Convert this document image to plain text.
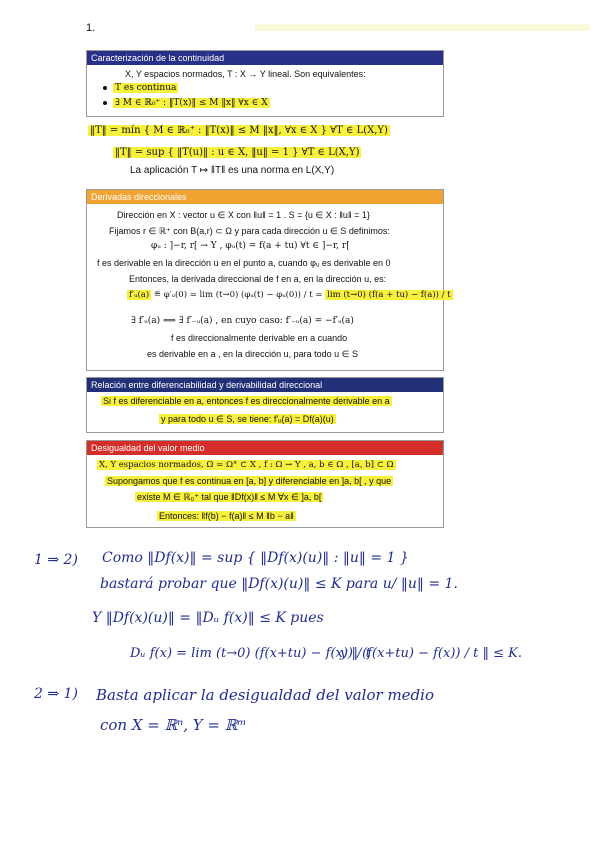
1.
Caracterización de la continuidad
X, Y espacios normados, T : X → Y lineal. Son equivalentes:
T es continua
∃ M ∈ ℝ₀⁺ : ‖T(x)‖ ≤ M ‖x‖ ∀x ∈ X
‖T‖ = mín { M ∈ ℝ₀⁺ : ‖T(x)‖ ≤ M ‖x‖, ∀x ∈ X } ∀T ∈ L(X,Y)
‖T‖ = sup { ‖T(u)‖ : u ∈ X, ‖u‖ = 1 } ∀T ∈ L(X,Y)
La aplicación T ↦ ‖T‖ es una norma en L(X,Y)
Derivadas direccionales
Dirección en X : vector u ∈ X con ‖u‖ = 1 . S = {u ∈ X : ‖u‖ = 1}
Fijamos r ∈ ℝ⁺ con B(a,r) ⊂ Ω y para cada dirección u ∈ S definimos:
φᵤ : ]−r, r[ → Y , φᵤ(t) = f(a + tu) ∀t ∈ ]−r, r[
f es derivable en la dirección u en el punto a, cuando φᵤ es derivable en 0
Entonces, la derivada direccional de f en a, en la dirección u, es:
f′ᵤ(a) ≝ φ′ᵤ(0) = lim (t→0) (φᵤ(t) − φᵤ(0)) / t = lim (t→0) (f(a + tu) − f(a)) / t
∃ f′ᵤ(a) ⟺ ∃ f′₋ᵤ(a) , en cuyo caso: f′₋ᵤ(a) = −f′ᵤ(a)
f es direccionalmente derivable en a cuando
es derivable en a , en la dirección u, para todo u ∈ S
Relación entre diferenciabilidad y derivabilidad direccional
Si f es diferenciable en a, entonces f es direccionalmente derivable en a
y para todo u ∈ S, se tiene: f′ᵤ(a) = Df(a)(u)
Desigualdad del valor medio
X, Y espacios normados, Ω = Ω° ⊂ X , f : Ω → Y , a, b ∈ Ω , [a, b] ⊂ Ω
Supongamos que f es continua en [a, b] y diferenciable en ]a, b[ , y que
existe M ∈ ℝ₀⁺ tal que ‖Df(x)‖ ≤ M ∀x ∈ ]a, b[
Entonces: ‖f(b) − f(a)‖ ≤ M ‖b − a‖
1 ⇒ 2) Como ‖Df(x)‖ = sup { ‖Df(x)(u)‖ : ‖u‖ = 1 }
bastará probar que ‖Df(x)(u)‖ ≤ K para u/ ‖u‖ = 1.
Y ‖Df(x)(u)‖ = ‖Dᵤ f(x)‖ ≤ K pues
Dᵤ f(x) = lim (t→0) (f(x+tu) − f(x)) / t
y ‖ (f(x+tu) − f(x)) / t ‖ ≤ K.
2 ⇒ 1) Basta aplicar la desigualdad del valor medio
con X = ℝⁿ, Y = ℝᵐ
